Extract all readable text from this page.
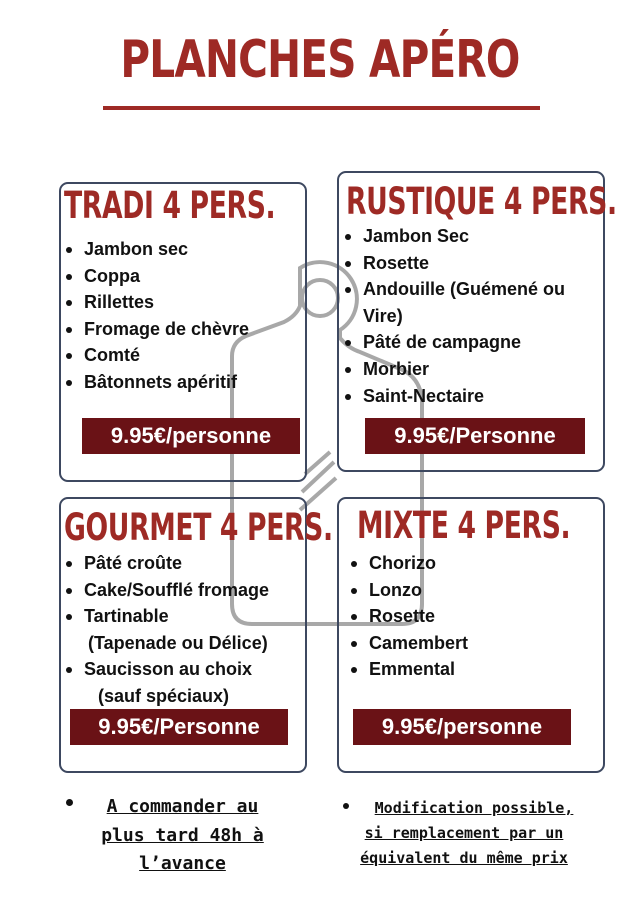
PLANCHES APÉRO
TRADI 4 PERS.
Jambon sec
Coppa
Rillettes
Fromage de chèvre
Comté
Bâtonnets apéritif
9.95€/personne
RUSTIQUE 4 PERS.
Jambon Sec
Rosette
Andouille (Guémené ou
Vire)
Pâté de campagne
Morbier
Saint-Nectaire
9.95€/Personne
GOURMET 4 PERS.
Pâté croûte
Cake/Soufflé fromage
Tartinable
(Tapenade ou Délice)
Saucisson au choix
(sauf spéciaux)
9.95€/Personne
MIXTE 4 PERS.
Chorizo
Lonzo
Rosette
Camembert
Emmental
9.95€/personne
A commander au
plus tard 48h à
l’avance
Modification possible,
si remplacement par un
équivalent du même prix
